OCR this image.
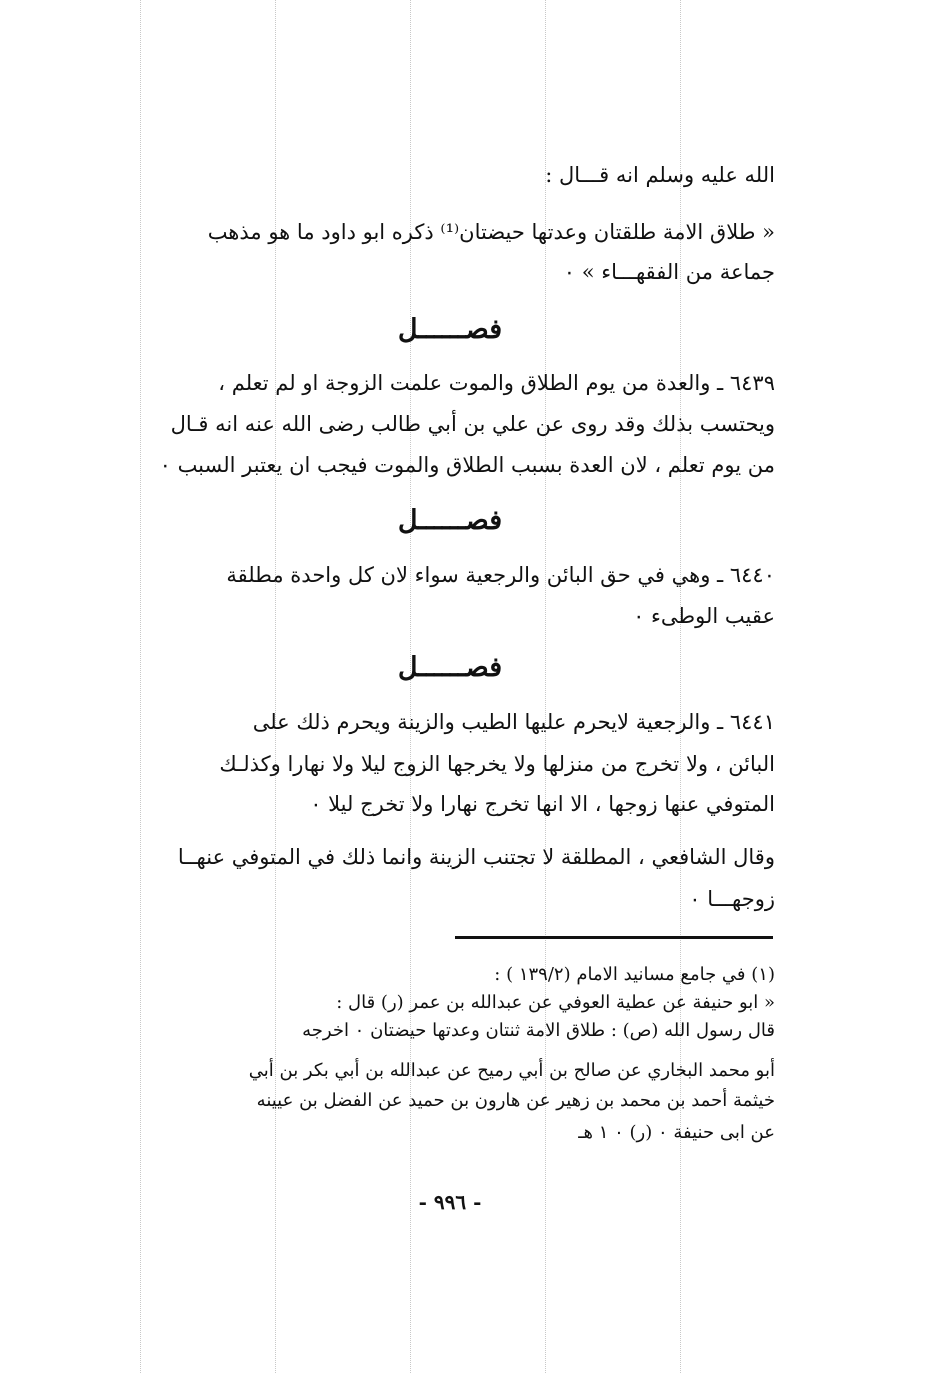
الله عليه وسلم انه قـــال :
« طلاق الامة طلقتان وعدتها حيضتان⁽¹⁾ ذكره ابو داود ما هو مذهب
جماعة من الفقهـــاء » ٠
فصــــــل
٦٤٣٩ ـ والعدة من يوم الطلاق والموت علمت الزوجة او لم تعلم ،
ويحتسب بذلك وقد روى عن علي بن أبي طالب رضى الله عنه انه قـال
من يوم تعلم ، لان العدة بسبب الطلاق والموت فيجب ان يعتبر السبب ٠
فصــــــل
٦٤٤٠ ـ وهي في حق البائن والرجعية سواء لان كل واحدة مطلقة
عقيب الوطىء ٠
فصــــــل
٦٤٤١ ـ والرجعية لايحرم عليها الطيب والزينة ويحرم ذلك على
البائن ، ولا تخرج من منزلها ولا يخرجها الزوج ليلا ولا نهارا وكذلـك
المتوفي عنها زوجها ، الا انها تخرج نهارا ولا تخرج ليلا ٠
وقال الشافعي ، المطلقة لا تجتنب الزينة وانما ذلك في المتوفي عنهــا
زوجهـــا ٠
(١) في جامع مسانيد الامام (١٣٩/٢ ) :
« ابو حنيفة عن عطية العوفي عن عبدالله بن عمر (ر) قال :
قال رسول الله (ص) : طلاق الامة ثنتان وعدتها حيضتان ٠ اخرجه
أبو محمد البخاري عن صالح بن أبي رميح عن عبدالله بن أبي بكر بن أبي
خيثمة أحمد بن محمد بن زهير عن هارون بن حميد عن الفضل بن عيينه
عن ابى حنيفة ٠ (ر) ٠ ١ هـ
- ٩٩٦ -
